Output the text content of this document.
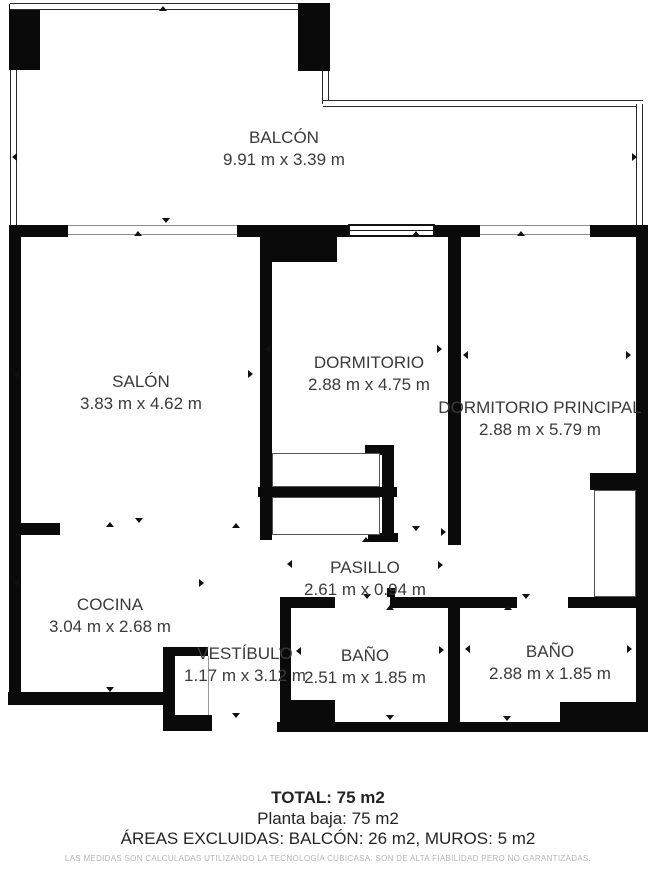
BALCÓN
9.91 m x 3.39 m
SALÓN
3.83 m x 4.62 m
DORMITORIO
2.88 m x 4.75 m
DORMITORIO PRINCIPAL
2.88 m x 5.79 m
COCINA
3.04 m x 2.68 m
PASILLO
2.61 m x 0.94 m
VESTÍBULO
1.17 m x 3.12 m
BAÑO
2.51 m x 1.85 m
BAÑO
2.88 m x 1.85 m
TOTAL: 75 m2
Planta baja: 75 m2
ÁREAS EXCLUIDAS: BALCÓN: 26 m2, MUROS: 5 m2
LAS MEDIDAS SON CALCULADAS UTILIZANDO LA TECNOLOGÍA CUBICASA. SON DE ALTA FIABILIDAD PERO NO GARANTIZADAS.
